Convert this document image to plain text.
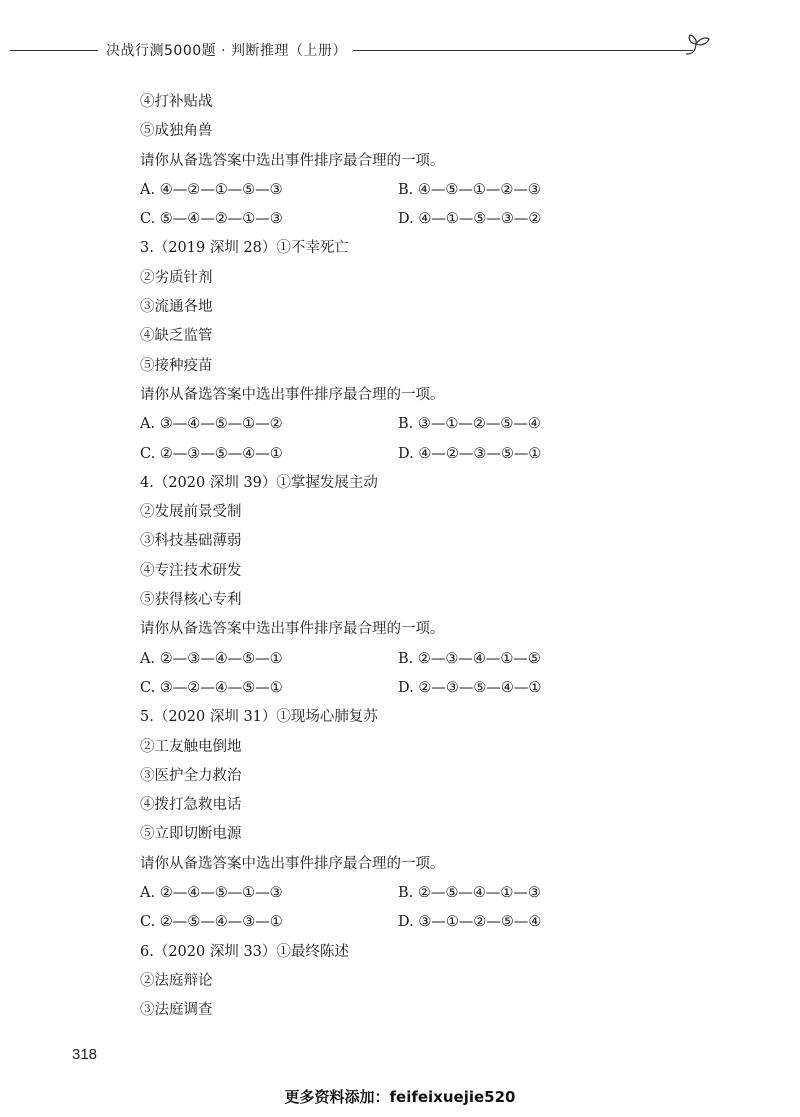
决战行测5000题 · 判断推理（上册）
④打补贴战
⑤成独角兽
请你从备选答案中选出事件排序最合理的一项。
A. ④—②—①—⑤—③	B. ④—⑤—①—②—③
C. ⑤—④—②—①—③	D. ④—①—⑤—③—②
3.（2019 深圳 28）①不幸死亡
②劣质针剂
③流通各地
④缺乏监管
⑤接种疫苗
请你从备选答案中选出事件排序最合理的一项。
A. ③—④—⑤—①—②	B. ③—①—②—⑤—④
C. ②—③—⑤—④—①	D. ④—②—③—⑤—①
4.（2020 深圳 39）①掌握发展主动
②发展前景受制
③科技基础薄弱
④专注技术研发
⑤获得核心专利
请你从备选答案中选出事件排序最合理的一项。
A. ②—③—④—⑤—①	B. ②—③—④—①—⑤
C. ③—②—④—⑤—①	D. ②—③—⑤—④—①
5.（2020 深圳 31）①现场心肺复苏
②工友触电倒地
③医护全力救治
④拨打急救电话
⑤立即切断电源
请你从备选答案中选出事件排序最合理的一项。
A. ②—④—⑤—①—③	B. ②—⑤—④—①—③
C. ②—⑤—④—③—①	D. ③—①—②—⑤—④
6.（2020 深圳 33）①最终陈述
②法庭辩论
③法庭调查
318
更多资料添加：feifeixuejie520
